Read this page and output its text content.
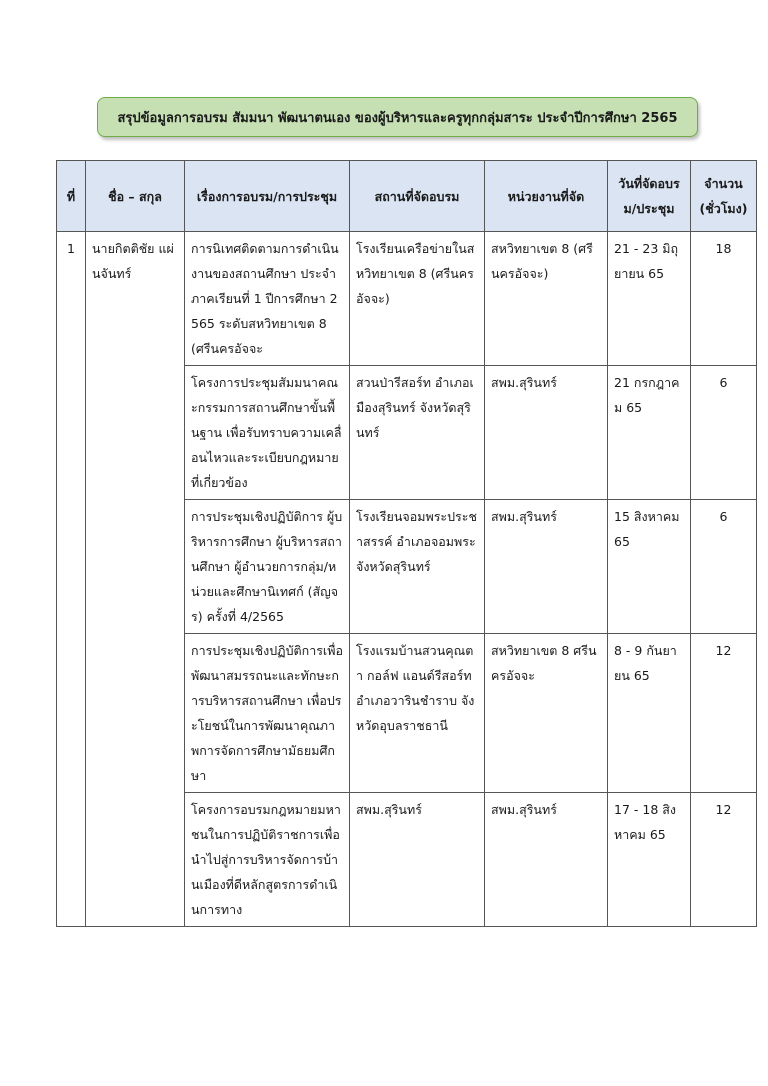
สรุปข้อมูลการอบรม สัมมนา พัฒนาตนเอง ของผู้บริหารและครูทุกกลุ่มสาระ ประจำปีการศึกษา 2565
ที่	ชื่อ – สกุล	เรื่องการอบรม/การประชุม	สถานที่จัดอบรม	หน่วยงานที่จัด	วันที่จัดอบรม/ประชุม	จำนวน (ชั่วโมง)
1	นายกิตติชัย แผ่นจันทร์	การนิเทศติดตามการดำเนินงานของสถานศึกษา ประจำภาคเรียนที่ 1 ปีการศึกษา 2565 ระดับสหวิทยาเขต 8 (ศรีนครอัจจะ	โรงเรียนเครือข่ายในสหวิทยาเขต 8 (ศรีนครอัจจะ)	สหวิทยาเขต 8 (ศรีนครอัจจะ)	21 - 23 มิถุยายน 65	18
		โครงการประชุมสัมมนาคณะกรรมการสถานศึกษาขั้นพื้นฐาน เพื่อรับทราบความเคลื่อนไหวและระเบียบกฎหมายที่เกี่ยวข้อง	สวนป่ารีสอร์ท อำเภอเมืองสุรินทร์ จังหวัดสุรินทร์	สพม.สุรินทร์	21 กรกฎาคม 65	6
		การประชุมเชิงปฏิบัติการ ผู้บริหารการศึกษา ผู้บริหารสถานศึกษา ผู้อำนวยการกลุ่ม/หน่วยและศึกษานิเทศก์ (สัญจร) ครั้งที่ 4/2565	โรงเรียนจอมพระประชาสรรค์ อำเภอจอมพระ จังหวัดสุรินทร์	สพม.สุรินทร์	15 สิงหาคม 65	6
		การประชุมเชิงปฏิบัติการเพื่อพัฒนาสมรรถนะและทักษะการบริหารสถานศึกษา เพื่อประโยชน์ในการพัฒนาคุณภาพการจัดการศึกษามัธยมศึกษา	โรงแรมบ้านสวนคุณตา กอล์ฟ แอนด์รีสอร์ท อำเภอวารินชำราบ จังหวัดอุบลราชธานี	สหวิทยาเขต 8 ศรีนครอัจจะ	8 - 9 กันยายน 65	12
		โครงการอบรมกฎหมายมหาชนในการปฏิบัติราชการเพื่อนำไปสู่การบริหารจัดการบ้านเมืองที่ดีหลักสูตรการดำเนินการทาง	สพม.สุรินทร์	สพม.สุรินทร์	17 - 18 สิงหาคม 65	12
